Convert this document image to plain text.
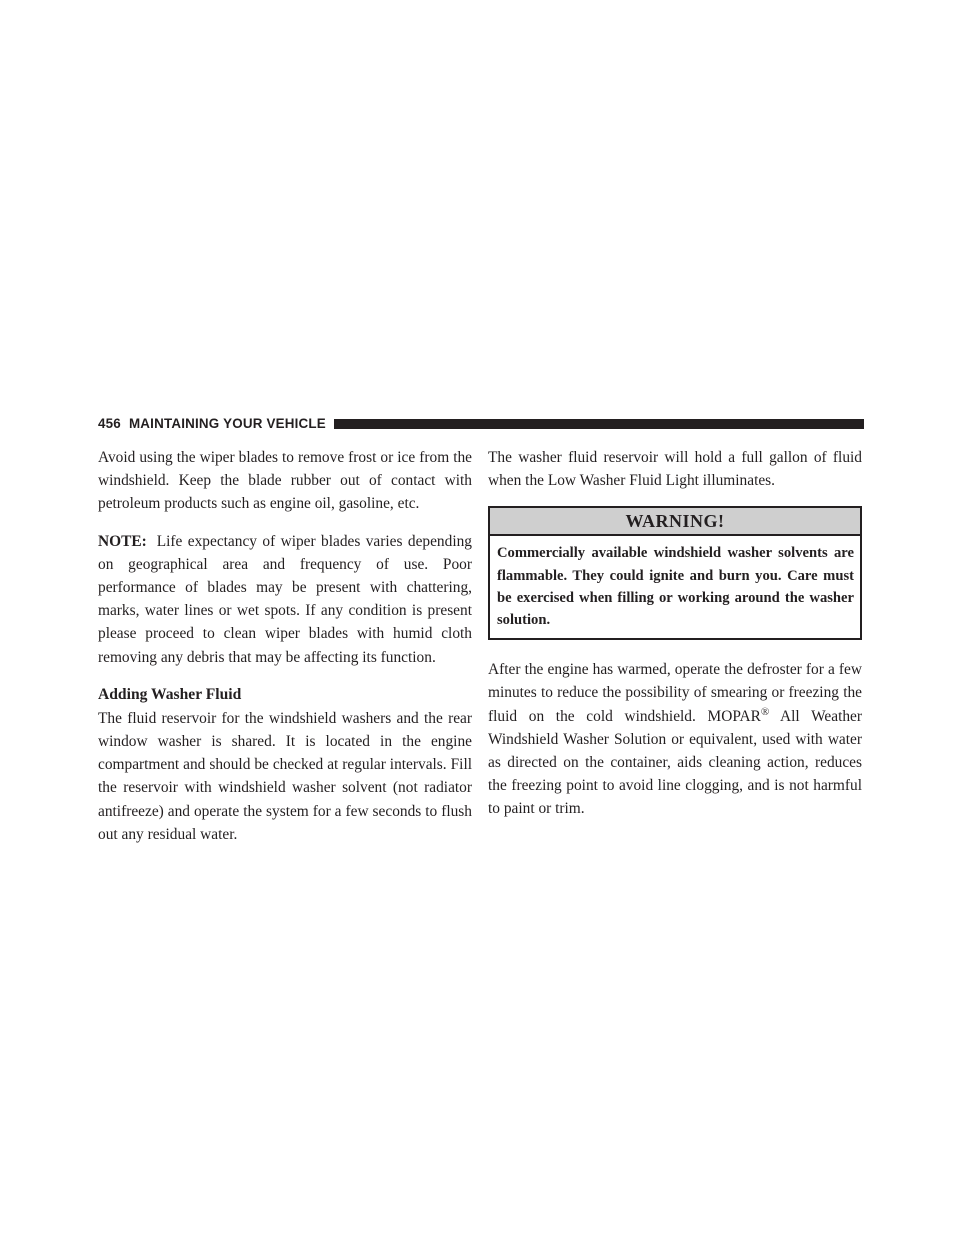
456 MAINTAINING YOUR VEHICLE

Avoid using the wiper blades to remove frost or ice from the windshield. Keep the blade rubber out of contact with petroleum products such as engine oil, gasoline, etc.

NOTE: Life expectancy of wiper blades varies depending on geographical area and frequency of use. Poor performance of blades may be present with chattering, marks, water lines or wet spots. If any condition is present please proceed to clean wiper blades with humid cloth removing any debris that may be affecting its function.

Adding Washer Fluid

The fluid reservoir for the windshield washers and the rear window washer is shared. It is located in the engine compartment and should be checked at regular intervals. Fill the reservoir with windshield washer solvent (not radiator antifreeze) and operate the system for a few seconds to flush out any residual water.

The washer fluid reservoir will hold a full gallon of fluid when the Low Washer Fluid Light illuminates.

WARNING!
Commercially available windshield washer solvents are flammable. They could ignite and burn you. Care must be exercised when filling or working around the washer solution.

After the engine has warmed, operate the defroster for a few minutes to reduce the possibility of smearing or freezing the fluid on the cold windshield. MOPAR® All Weather Windshield Washer Solution or equivalent, used with water as directed on the container, aids cleaning action, reduces the freezing point to avoid line clogging, and is not harmful to paint or trim.
